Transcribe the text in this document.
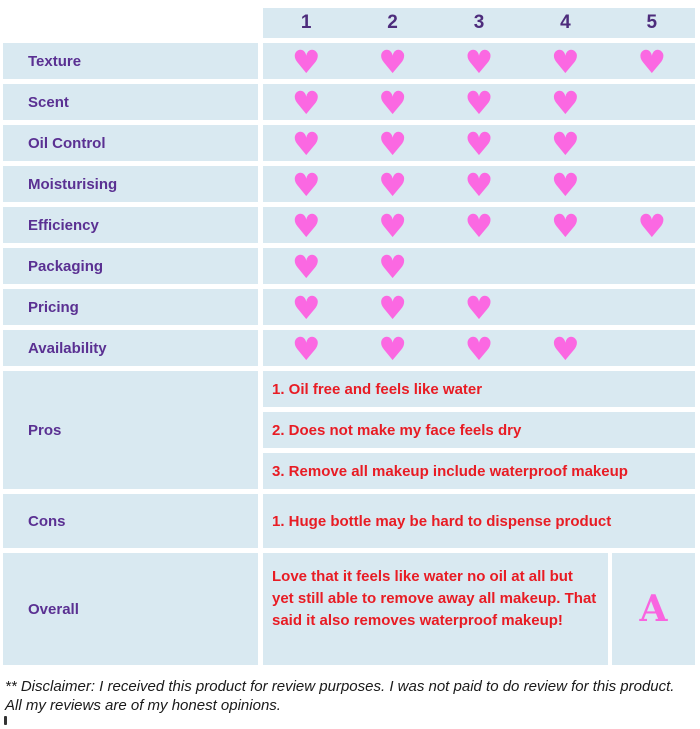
1	2	3	4	5
Texture	♥ ♥ ♥ ♥ ♥
Scent	♥ ♥ ♥ ♥
Oil Control	♥ ♥ ♥ ♥
Moisturising	♥ ♥ ♥ ♥
Efficiency	♥ ♥ ♥ ♥ ♥
Packaging	♥ ♥
Pricing	♥ ♥ ♥
Availability	♥ ♥ ♥ ♥
Pros
1. Oil free and feels like water
2. Does not make my face feels dry
3. Remove all makeup include waterproof makeup
Cons	1. Huge bottle may be hard to dispense product
Overall
Love that it feels like water no oil at all but yet still able to remove away all makeup. That said it also removes waterproof makeup!	A
** Disclaimer: I received this product for review purposes. I was not paid to do review for this product.
All my reviews are of my honest opinions.
